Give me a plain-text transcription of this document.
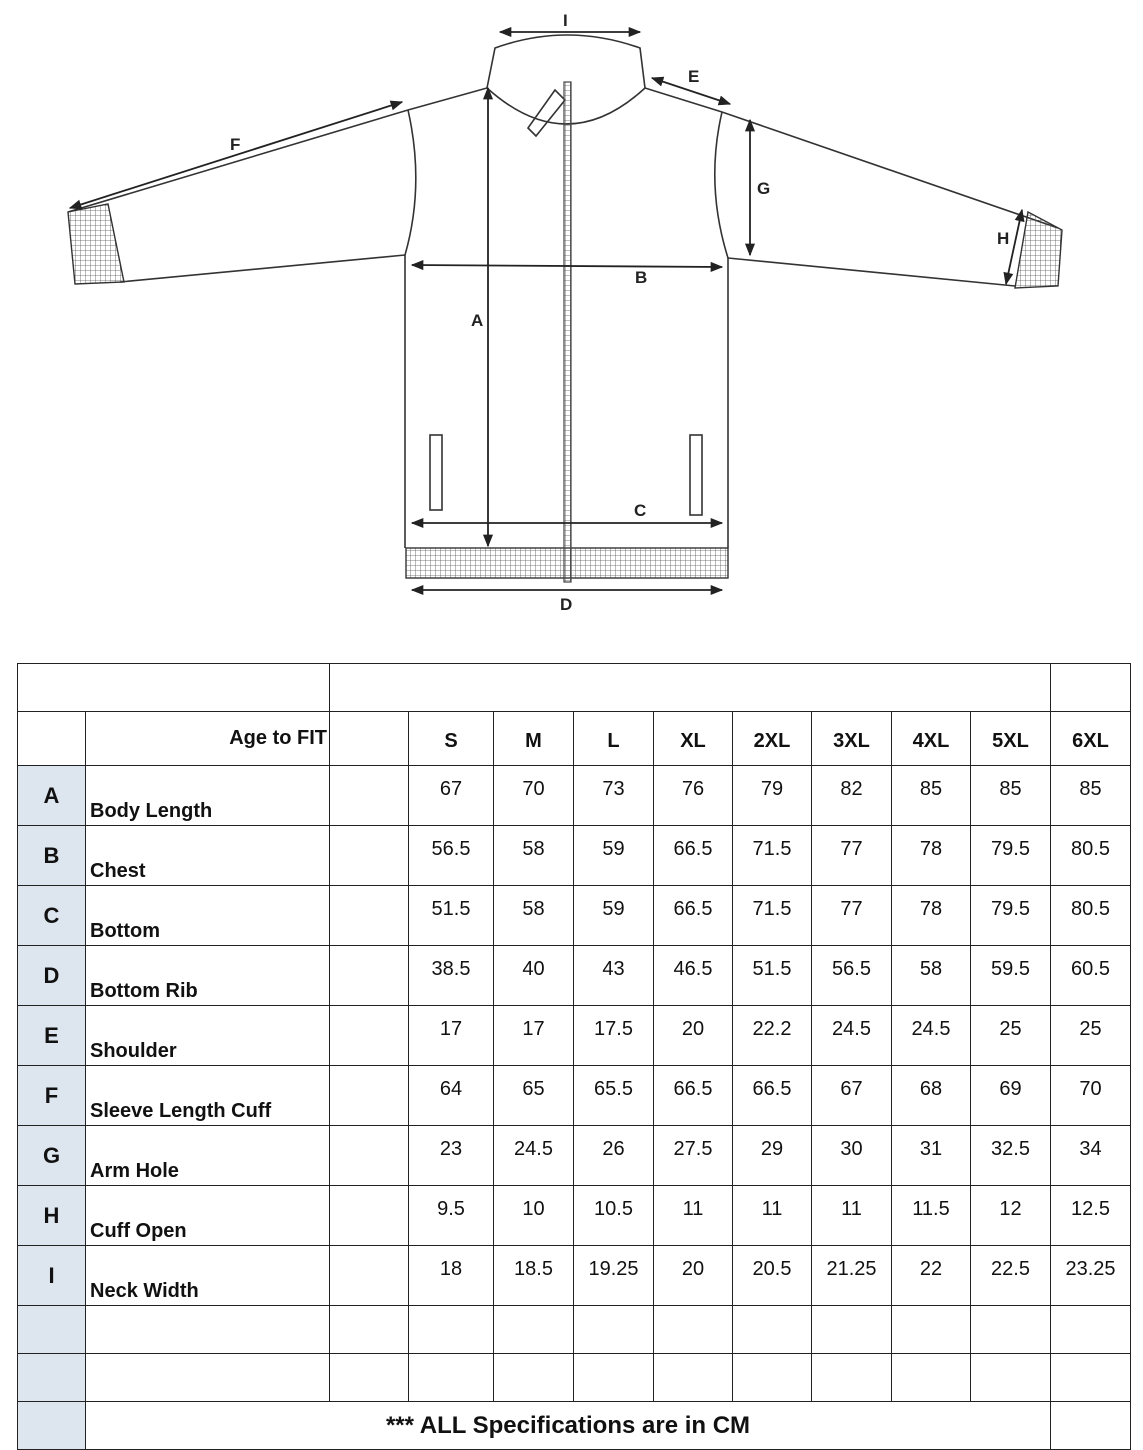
I
E
F
G
H
B
A
C
D

	Age to FIT		S	M	L	XL	2XL	3XL	4XL	5XL	6XL
A	Body Length		67	70	73	76	79	82	85	85	85
B	Chest		56.5	58	59	66.5	71.5	77	78	79.5	80.5
C	Bottom		51.5	58	59	66.5	71.5	77	78	79.5	80.5
D	Bottom Rib		38.5	40	43	46.5	51.5	56.5	58	59.5	60.5
E	Shoulder		17	17	17.5	20	22.2	24.5	24.5	25	25
F	Sleeve Length Cuff		64	65	65.5	66.5	66.5	67	68	69	70
G	Arm Hole		23	24.5	26	27.5	29	30	31	32.5	34
H	Cuff Open		9.5	10	10.5	11	11	11	11.5	12	12.5
I	Neck Width		18	18.5	19.25	20	20.5	21.25	22	22.5	23.25

	*** ALL Specifications are in CM										
